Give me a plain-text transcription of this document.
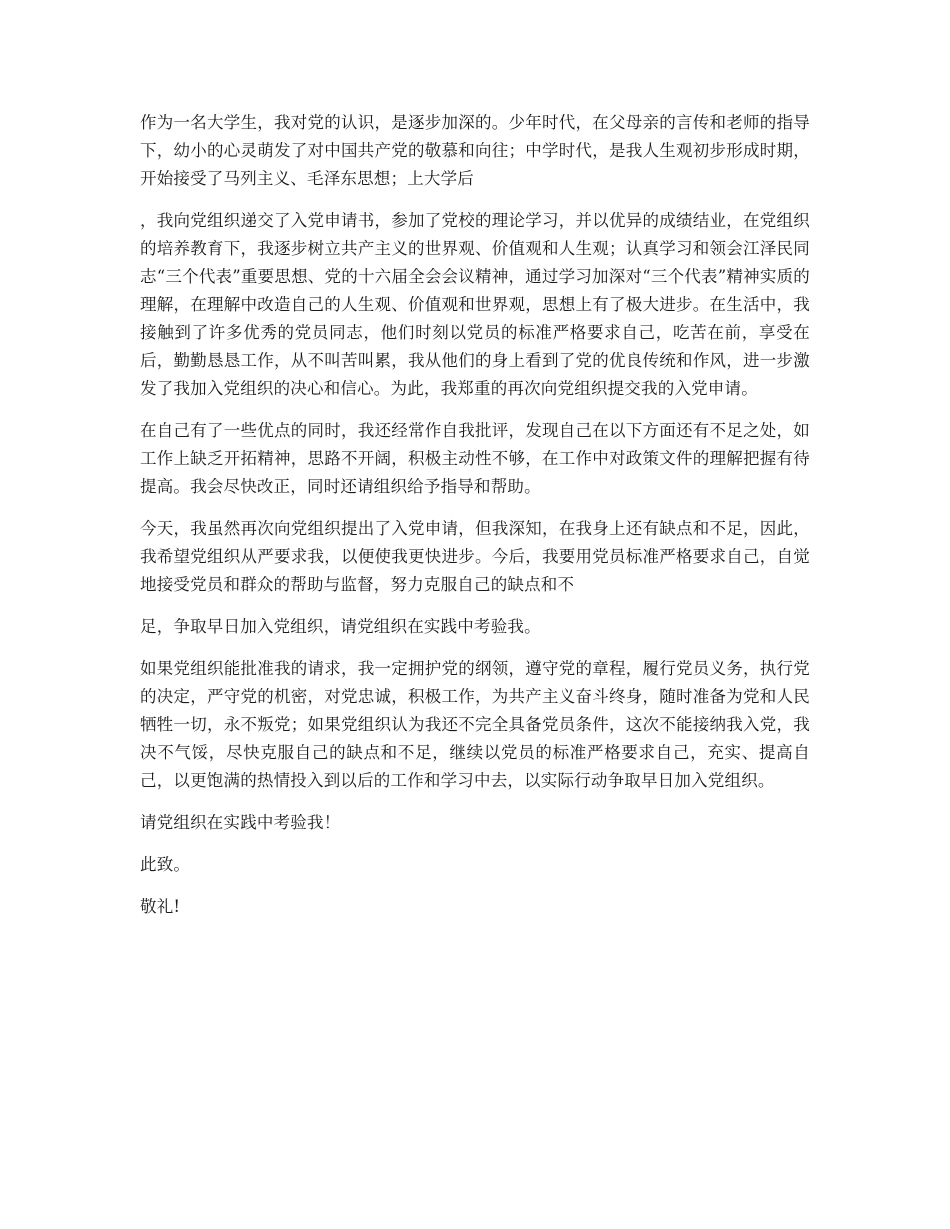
作为一名大学生，我对党的认识，是逐步加深的。少年时代，在父母亲的言传和老师的指导下，幼小的心灵萌发了对中国共产党的敬慕和向往；中学时代，是我人生观初步形成时期，开始接受了马列主义、毛泽东思想；上大学后

，我向党组织递交了入党申请书，参加了党校的理论学习，并以优异的成绩结业，在党组织的培养教育下，我逐步树立共产主义的世界观、价值观和人生观；认真学习和领会江泽民同志“三个代表”重要思想、党的十六届全会会议精神，通过学习加深对“三个代表”精神实质的理解，在理解中改造自己的人生观、价值观和世界观，思想上有了极大进步。在生活中，我接触到了许多优秀的党员同志，他们时刻以党员的标准严格要求自己，吃苦在前，享受在后，勤勤恳恳工作，从不叫苦叫累，我从他们的身上看到了党的优良传统和作风，进一步激发了我加入党组织的决心和信心。为此，我郑重的再次向党组织提交我的入党申请。

在自己有了一些优点的同时，我还经常作自我批评，发现自己在以下方面还有不足之处，如工作上缺乏开拓精神，思路不开阔，积极主动性不够，在工作中对政策文件的理解把握有待提高。我会尽快改正，同时还请组织给予指导和帮助。

今天，我虽然再次向党组织提出了入党申请，但我深知，在我身上还有缺点和不足，因此，我希望党组织从严要求我，以便使我更快进步。今后，我要用党员标准严格要求自己，自觉地接受党员和群众的帮助与监督，努力克服自己的缺点和不

足，争取早日加入党组织，请党组织在实践中考验我。

如果党组织能批准我的请求，我一定拥护党的纲领，遵守党的章程，履行党员义务，执行党的决定，严守党的机密，对党忠诚，积极工作，为共产主义奋斗终身，随时准备为党和人民牺牲一切，永不叛党；如果党组织认为我还不完全具备党员条件，这次不能接纳我入党，我决不气馁，尽快克服自己的缺点和不足，继续以党员的标准严格要求自己，充实、提高自己，以更饱满的热情投入到以后的工作和学习中去，以实际行动争取早日加入党组织。

请党组织在实践中考验我！

此致。

敬礼!
